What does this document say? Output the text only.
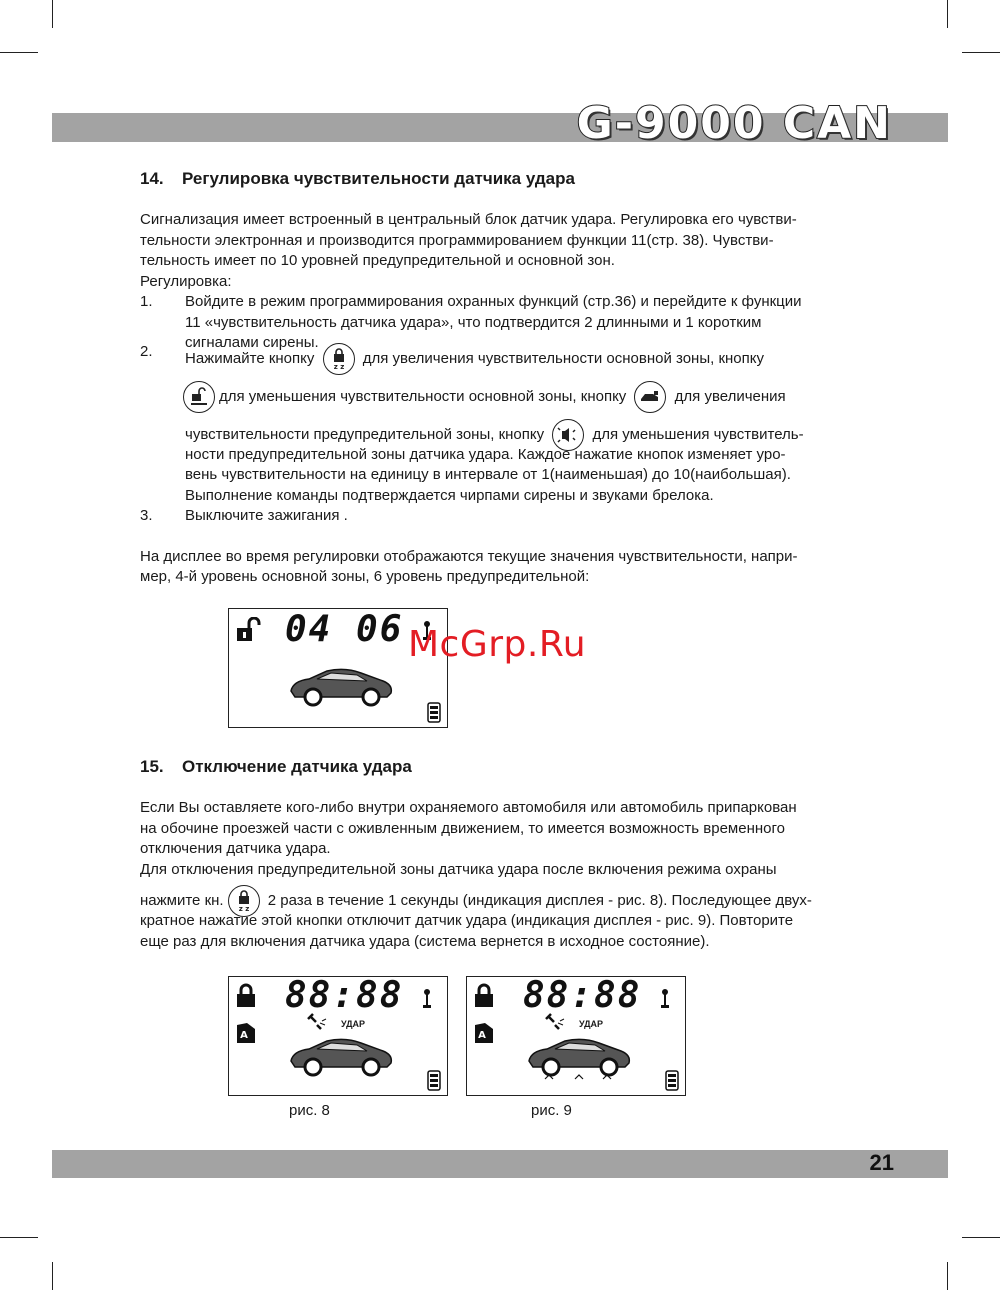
G-9000 CAN
14. Регулировка чувствительности датчика удара

Сигнализация имеет встроенный в центральный блок датчик удара. Регулировка его чувстви-

тельности электронная и производится программированием функции 11(стр. 38). Чувстви-

тельность имеет по 10 уровней предупредительной и основной зон.

Регулировка:

1. Войдите в режим программирования охранных функций (стр.36) и перейдите к функции

11 «чувствительность датчика удара», что подтвердится 2 длинными и 1 коротким

сигналами сирены.

2. Нажимайте кнопку
z z
для увеличения чувствительности основной зоны, кнопку

для уменьшения чувствительности основной зоны, кнопку	для увеличения

чувствительности предупредительной зоны, кнопку	для уменьшения чувствитель-

ности предупредительной зоны датчика удара. Каждое нажатие кнопок изменяет уро-

вень чувствительности на единицу в интервале от 1(наименьшая) до 10(наибольшая).

Выполнение команды подтверждается чирпами сирены и звуками брелока.

3. Выключите зажигания .

На дисплее во время регулировки отображаются текущие значения чувствительности, напри-

мер, 4-й уровень основной зоны, 6 уровень предупредительной:

04 06 McGrp.Ru
15. Отключение датчика удара

Если Вы оставляете кого-либо внутри охраняемого автомобиля или автомобиль припаркован

на обочине проезжей части с оживленным движением, то имеется возможность временного

отключения датчика удара.

Для отключения предупредительной зоны датчика удара после включения режима охраны

нажмите кн.
z z
2 раза в течение 1 секунды (индикация дисплея - рис. 8). Последующее двух-

кратное нажатие этой кнопки отключит датчик удара (индикация дисплея - рис. 9). Повторите

еще раз для включения датчика удара (система вернется в исходное состояние).

88:88
A
УДАР
рис. 8
88:88
A
УДАР
рис. 9
21
